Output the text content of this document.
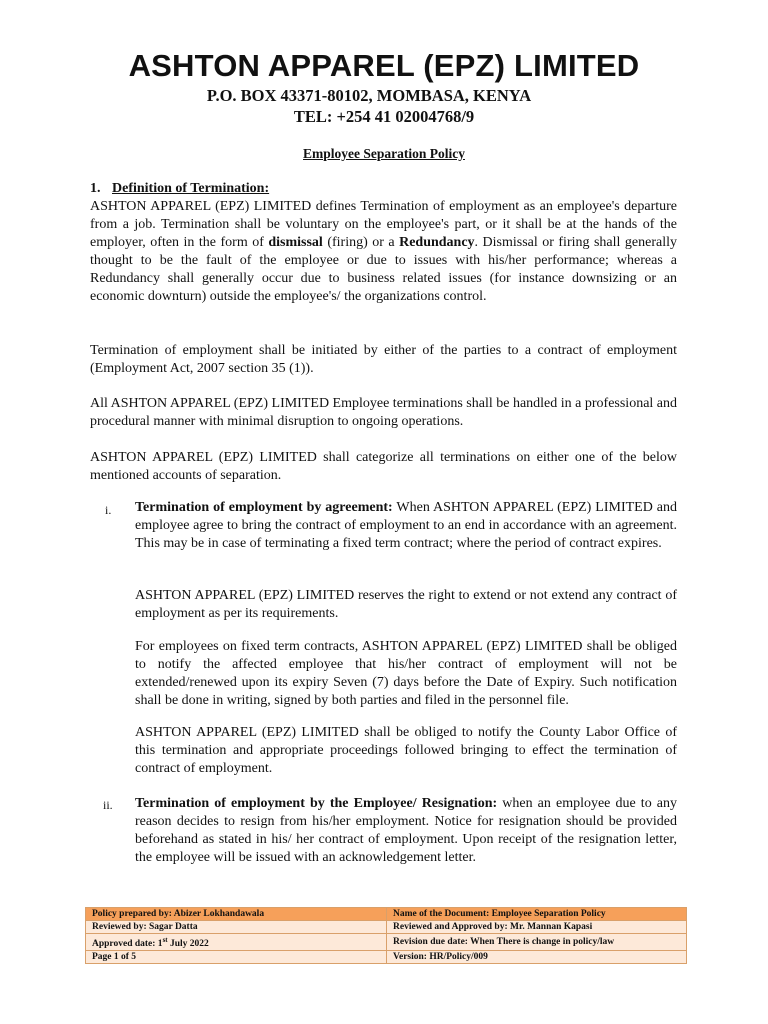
ASHTON APPAREL (EPZ) LIMITED
P.O. BOX 43371-80102, MOMBASA, KENYA
TEL: +254 41 02004768/9
Employee Separation Policy
1. Definition of Termination:
ASHTON APPAREL (EPZ) LIMITED defines Termination of employment as an employee's departure from a job. Termination shall be voluntary on the employee's part, or it shall be at the hands of the employer, often in the form of dismissal (firing) or a Redundancy. Dismissal or firing shall generally thought to be the fault of the employee or due to issues with his/her performance; whereas a Redundancy shall generally occur due to business related issues (for instance downsizing or an economic downturn) outside the employee's/ the organizations control.
Termination of employment shall be initiated by either of the parties to a contract of employment (Employment Act, 2007 section 35 (1)).
All ASHTON APPAREL (EPZ) LIMITED Employee terminations shall be handled in a professional and procedural manner with minimal disruption to ongoing operations.
ASHTON APPAREL (EPZ) LIMITED shall categorize all terminations on either one of the below mentioned accounts of separation.
i. Termination of employment by agreement: When ASHTON APPAREL (EPZ) LIMITED and employee agree to bring the contract of employment to an end in accordance with an agreement. This may be in case of terminating a fixed term contract; where the period of contract expires.
ASHTON APPAREL (EPZ) LIMITED reserves the right to extend or not extend any contract of employment as per its requirements.
For employees on fixed term contracts, ASHTON APPAREL (EPZ) LIMITED shall be obliged to notify the affected employee that his/her contract of employment will not be extended/renewed upon its expiry Seven (7) days before the Date of Expiry. Such notification shall be done in writing, signed by both parties and filed in the personnel file.
ASHTON APPAREL (EPZ) LIMITED shall be obliged to notify the County Labor Office of this termination and appropriate proceedings followed bringing to effect the termination of contract of employment.
ii. Termination of employment by the Employee/ Resignation: when an employee due to any reason decides to resign from his/her employment. Notice for resignation should be provided beforehand as stated in his/ her contract of employment. Upon receipt of the resignation letter, the employee will be issued with an acknowledgement letter.
Policy prepared by: Abizer Lokhandawala	Name of the Document: Employee Separation Policy
Reviewed by: Sagar Datta	Reviewed and Approved by: Mr. Mannan Kapasi
Approved date: 1st July 2022	Revision due date: When There is change in policy/law
Page 1 of 5	Version: HR/Policy/009
